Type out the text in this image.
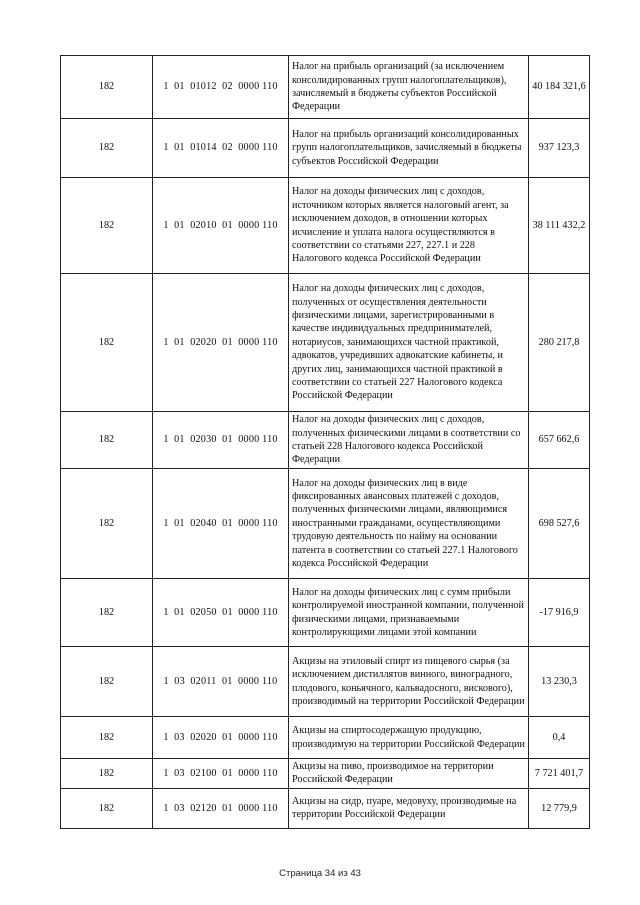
182	1  01  01012  02  0000 110	Налог на прибыль организаций (за исключением консолидированных групп налогоплательщиков), зачисляемый в бюджеты субъектов Российской Федерации	40 184 321,6
182	1  01  01014  02  0000 110	Налог на прибыль организаций консолидированных групп налогоплательщиков, зачисляемый в бюджеты субъектов Российской Федерации	937 123,3
182	1  01  02010  01  0000 110	Налог на доходы физических лиц с доходов, источником которых является налоговый агент, за исключением доходов, в отношении которых исчисление и уплата налога осуществляются в соответствии со статьями 227, 227.1 и 228 Налогового кодекса Российской Федерации	38 111 432,2
182	1  01  02020  01  0000 110	Налог на доходы физических лиц с доходов, полученных от осуществления деятельности физическими лицами, зарегистрированными в качестве индивидуальных предпринимателей, нотариусов, занимающихся частной практикой, адвокатов, учредивших адвокатские кабинеты, и других лиц, занимающихся частной практикой в соответствии со статьей 227 Налогового кодекса Российской Федерации	280 217,8
182	1  01  02030  01  0000 110	Налог на доходы физических лиц с доходов, полученных физическими лицами в соответствии со статьей 228 Налогового кодекса Российской Федерации	657 662,6
182	1  01  02040  01  0000 110	Налог на доходы физических лиц в виде фиксированных авансовых платежей с доходов, полученных физическими лицами, являющимися иностранными гражданами, осуществляющими трудовую деятельность по найму на основании патента в соответствии со статьей 227.1 Налогового кодекса Российской Федерации	698 527,6
182	1  01  02050  01  0000 110	Налог на доходы физических лиц с сумм прибыли контролируемой иностранной компании, полученной физическими лицами, признаваемыми контролирующими лицами этой компании	-17 916,9
182	1  03  02011  01  0000 110	Акцизы на этиловый спирт из пищевого сырья (за исключением дистиллятов винного, виноградного, плодового, коньячного, кальвадосного, вискового), производимый на территории Российской Федерации	13 230,3
182	1  03  02020  01  0000 110	Акцизы на спиртосодержащую продукцию, производимую на территории Российской Федерации	0,4
182	1  03  02100  01  0000 110	Акцизы на пиво, производимое на территории Российской Федерации	7 721 401,7
182	1  03  02120  01  0000 110	Акцизы на сидр, пуаре, медовуху, производимые на территории Российской Федерации	12 779,9
Страница 34 из 43
